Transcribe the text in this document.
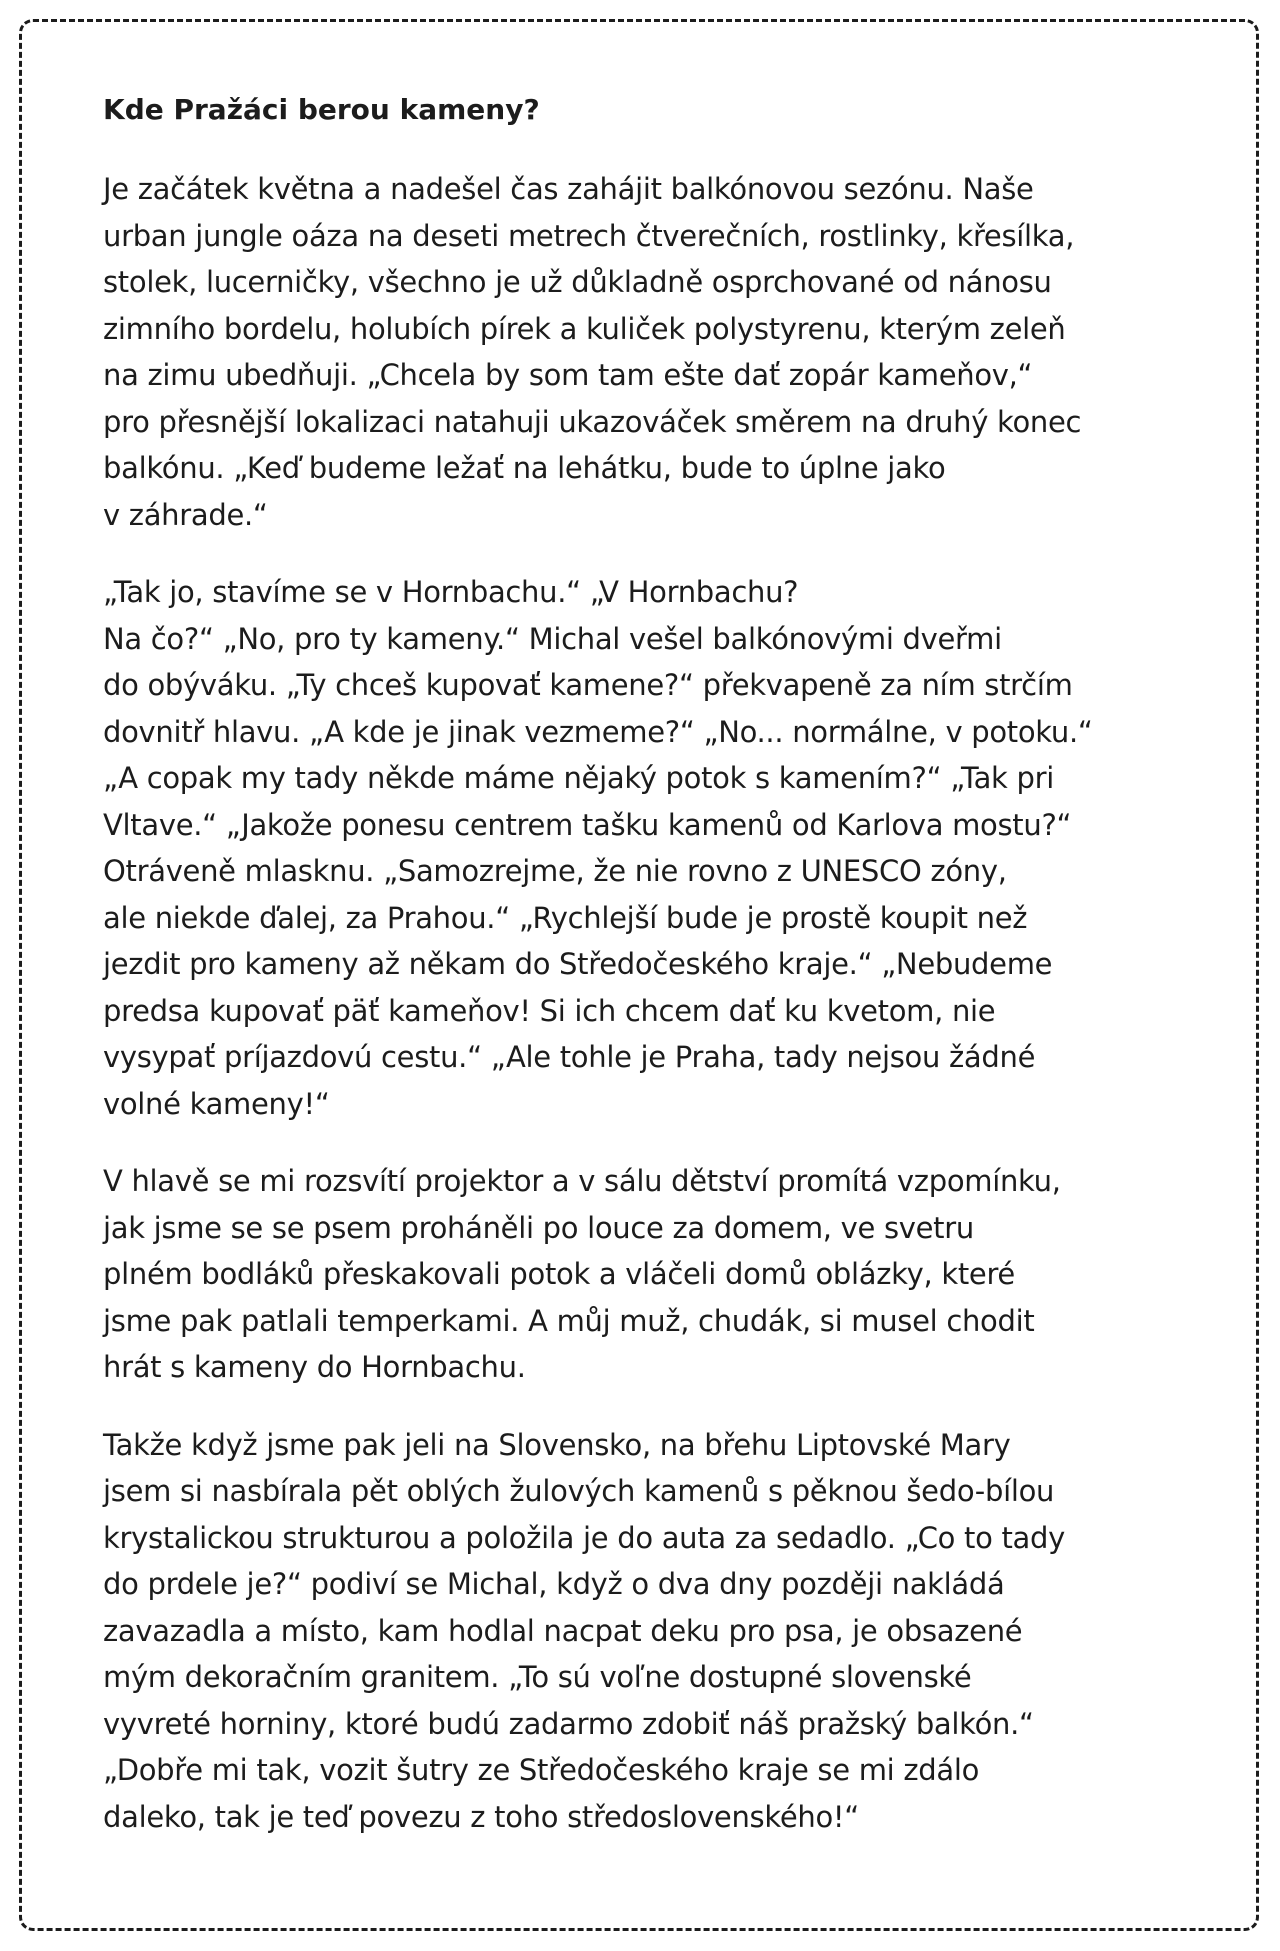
Kde Pražáci berou kameny?

Je začátek května a nadešel čas zahájit balkónovou sezónu. Naše
urban jungle oáza na deseti metrech čtverečních, rostlinky, křesílka,
stolek, lucerničky, všechno je už důkladně osprchované od nánosu
zimního bordelu, holubích pírek a kuliček polystyrenu, kterým zeleň
na zimu ubedňuji. „Chcela by som tam ešte dať zopár kameňov,“
pro přesnější lokalizaci natahuji ukazováček směrem na druhý konec
balkónu. „Keď budeme ležať na lehátku, bude to úplne jako
v záhrade.“

„Tak jo, stavíme se v Hornbachu.“ „V Hornbachu?
Na čo?“ „No, pro ty kameny.“ Michal vešel balkónovými dveřmi
do obýváku. „Ty chceš kupovať kamene?“ překvapeně za ním strčím
dovnitř hlavu. „A kde je jinak vezmeme?“ „No... normálne, v potoku.“
„A copak my tady někde máme nějaký potok s kamením?“ „Tak pri
Vltave.“ „Jakože ponesu centrem tašku kamenů od Karlova mostu?“
Otráveně mlasknu. „Samozrejme, že nie rovno z UNESCO zóny,
ale niekde ďalej, za Prahou.“ „Rychlejší bude je prostě koupit než
jezdit pro kameny až někam do Středočeského kraje.“ „Nebudeme
predsa kupovať päť kameňov! Si ich chcem dať ku kvetom, nie
vysypať príjazdovú cestu.“ „Ale tohle je Praha, tady nejsou žádné
volné kameny!“

V hlavě se mi rozsvítí projektor a v sálu dětství promítá vzpomínku,
jak jsme se se psem proháněli po louce za domem, ve svetru
plném bodláků přeskakovali potok a vláčeli domů oblázky, které
jsme pak patlali temperkami. A můj muž, chudák, si musel chodit
hrát s kameny do Hornbachu.

Takže když jsme pak jeli na Slovensko, na břehu Liptovské Mary
jsem si nasbírala pět oblých žulových kamenů s pěknou šedo-bílou
krystalickou strukturou a položila je do auta za sedadlo. „Co to tady
do prdele je?“ podiví se Michal, když o dva dny později nakládá
zavazadla a místo, kam hodlal nacpat deku pro psa, je obsazené
mým dekoračním granitem. „To sú voľne dostupné slovenské
vyvreté horniny, ktoré budú zadarmo zdobiť náš pražský balkón.“
„Dobře mi tak, vozit šutry ze Středočeského kraje se mi zdálo
daleko, tak je teď povezu z toho středoslovenského!“
